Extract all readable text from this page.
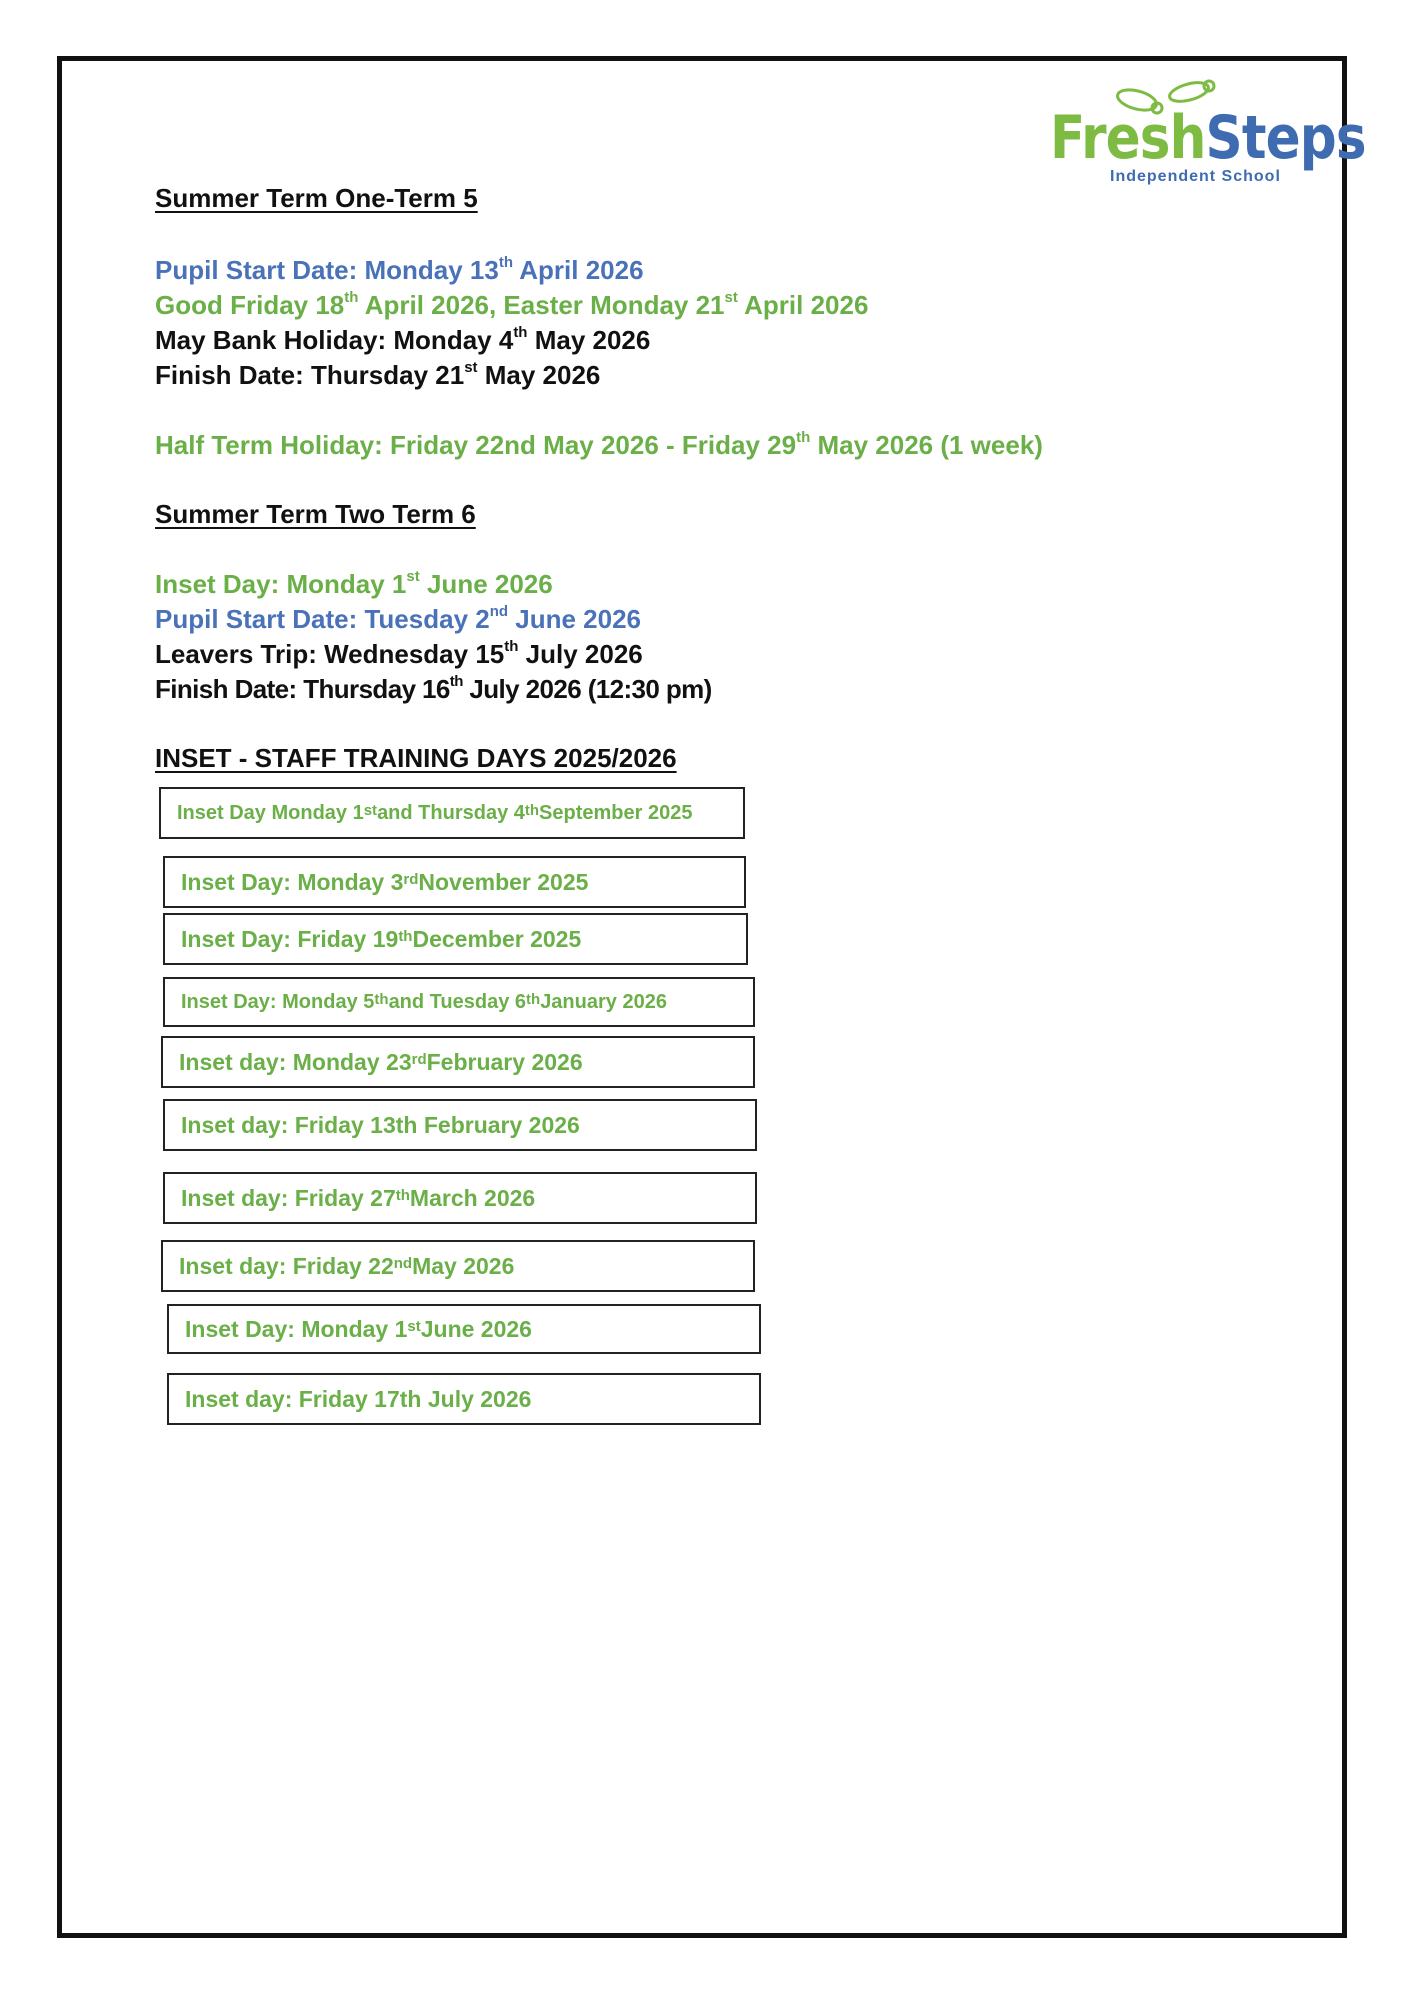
FreshSteps
Independent School
Summer Term One-Term 5
Pupil Start Date: Monday 13th April 2026
Good Friday 18th April 2026, Easter Monday 21st April 2026
May Bank Holiday: Monday 4th May 2026
Finish Date: Thursday 21st May 2026
Half Term Holiday: Friday 22nd May 2026 - Friday 29th May 2026 (1 week)
Summer Term Two Term 6
Inset Day: Monday 1st June 2026
Pupil Start Date: Tuesday 2nd June 2026
Leavers Trip: Wednesday 15th July 2026
Finish Date: Thursday 16th July 2026 (12:30 pm)
INSET - STAFF TRAINING DAYS 2025/2026
Inset Day Monday 1st and Thursday 4th September 2025
Inset Day: Monday 3rd November 2025
Inset Day: Friday 19th December 2025
Inset Day: Monday 5th and Tuesday 6th January 2026
Inset day: Monday 23rd February 2026
Inset day: Friday 13th February 2026
Inset day: Friday 27th March 2026
Inset day: Friday 22nd May 2026
Inset Day: Monday 1st June 2026
Inset day: Friday 17th July 2026
